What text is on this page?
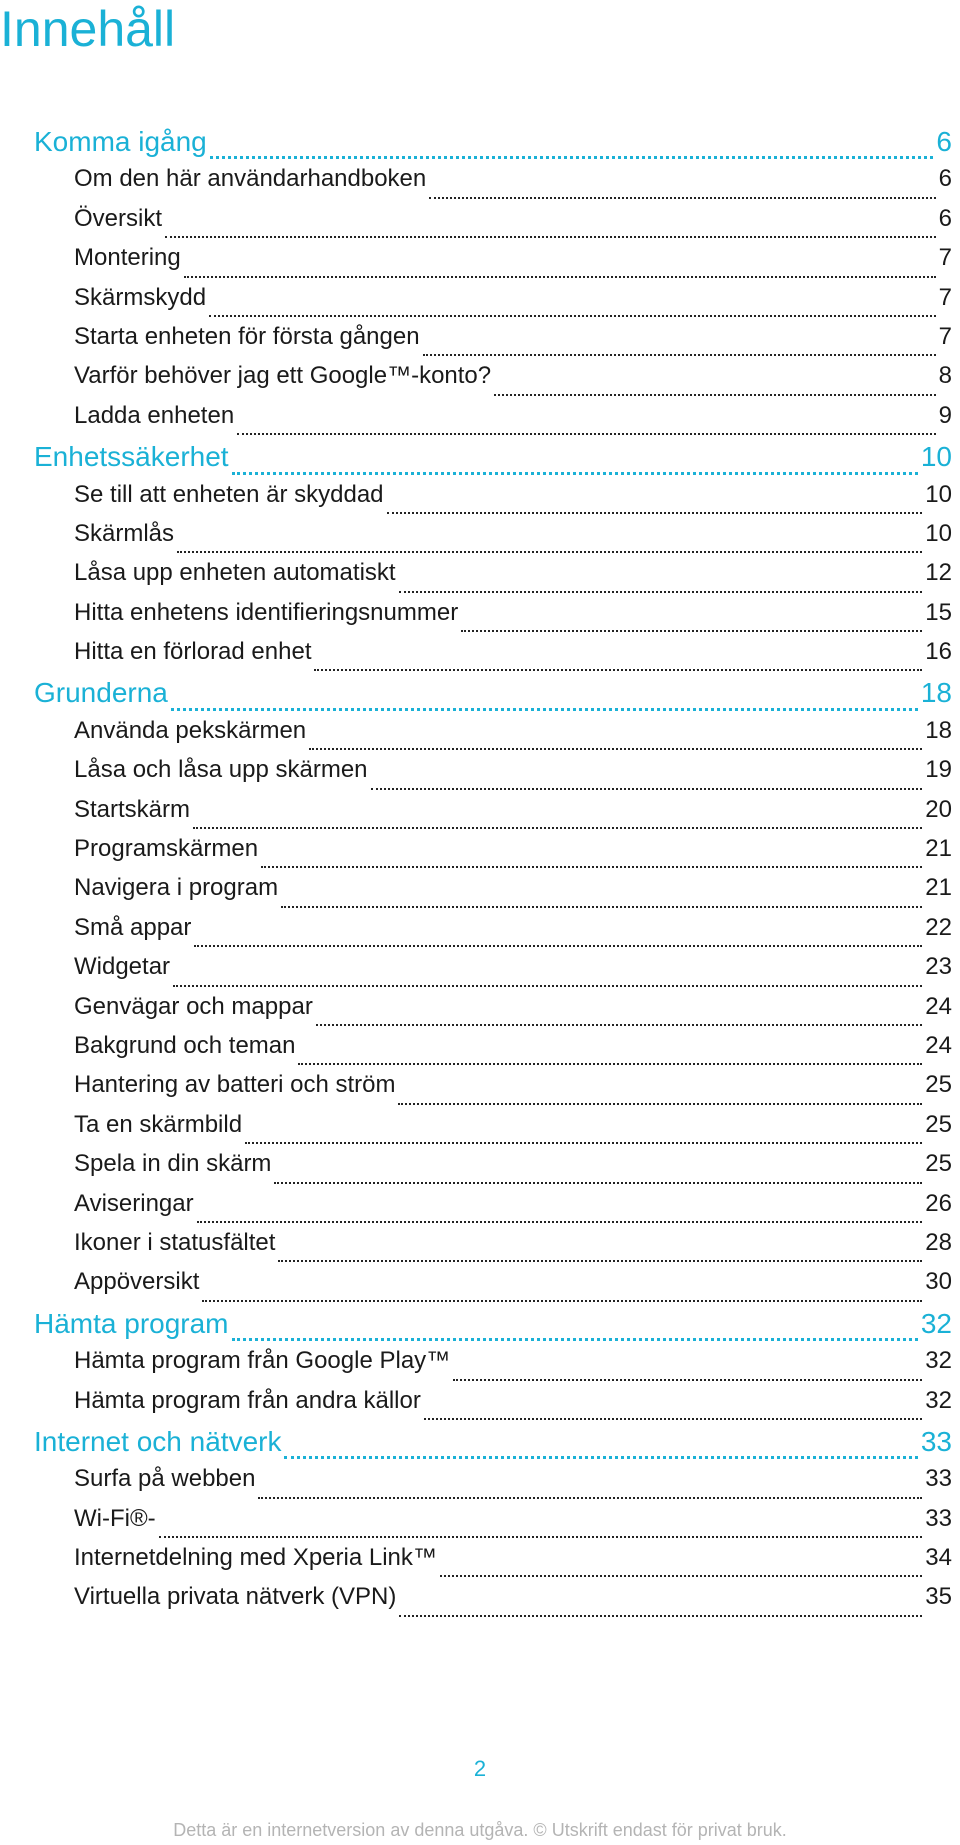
Innehåll
Komma igång	6
Om den här användarhandboken	6
Översikt	6
Montering	7
Skärmskydd	7
Starta enheten för första gången	7
Varför behöver jag ett Google™-konto?	8
Ladda enheten	9
Enhetssäkerhet	10
Se till att enheten är skyddad	10
Skärmlås	10
Låsa upp enheten automatiskt	12
Hitta enhetens identifieringsnummer	15
Hitta en förlorad enhet	16
Grunderna	18
Använda pekskärmen	18
Låsa och låsa upp skärmen	19
Startskärm	20
Programskärmen	21
Navigera i program	21
Små appar	22
Widgetar	23
Genvägar och mappar	24
Bakgrund och teman	24
Hantering av batteri och ström	25
Ta en skärmbild	25
Spela in din skärm	25
Aviseringar	26
Ikoner i statusfältet	28
Appöversikt	30
Hämta program	32
Hämta program från Google Play™	32
Hämta program från andra källor	32
Internet och nätverk	33
Surfa på webben	33
Wi-Fi®-	33
Internetdelning med Xperia Link™	34
Virtuella privata nätverk (VPN)	35
2
Detta är en internetversion av denna utgåva. © Utskrift endast för privat bruk.
